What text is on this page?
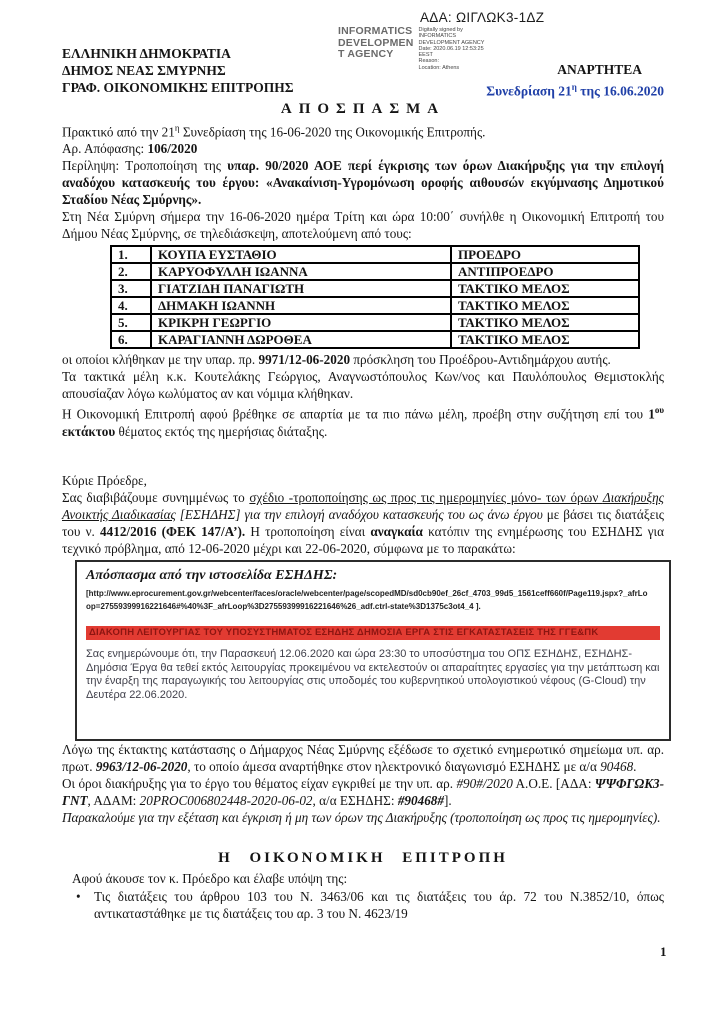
ΑΔΑ: ΩΙΓΛΩΚ3-1ΔΖ
INFORMATICS
DEVELOPMEN
T AGENCY
Digitally signed by
INFORMATICS
DEVELOPMENT AGENCY
Date: 2020.06.19 12:53:25
EEST
Reason:
Location: Athens
ΕΛΛΗΝΙΚΗ ΔΗΜΟΚΡΑΤΙΑ
ΔΗΜΟΣ ΝΕΑΣ ΣΜΥΡΝΗΣ
ΓΡΑΦ. ΟΙΚΟΝΟΜΙΚΗΣ ΕΠΙΤΡΟΠΗΣ
ΑΝΑΡΤΗΤΕΑ
Συνεδρίαση $21^\eta$ της 16.06.2020
ΑΠΟΣΠΑΣΜΑ

Πρακτικό από την $21^\eta$ Συνεδρίαση της 16-06-2020 της Οικονομικής Επιτροπής.

Αρ. Απόφασης: 106/2020

Περίληψη: Τροποποίηση της υπαρ. 90/2020 ΑΟΕ περί έγκρισης των όρων Διακήρυξης για την επιλογή αναδόχου κατασκευής του έργου: «Ανακαίνιση-Υγρομόνωση οροφής αιθουσών εκγύμνασης Δημοτικού Σταδίου Νέας Σμύρνης».

Στη Νέα Σμύρνη σήμερα την 16-06-2020 ημέρα Τρίτη και ώρα 10:00΄ συνήλθε η Οικονομική Επιτροπή του Δήμου Νέας Σμύρνης, σε τηλεδιάσκεψη, αποτελούμενη από τους:

1.	ΚΟΥΠΑ ΕΥΣΤΑΘΙΟ	ΠΡΟΕΔΡΟ
2.	ΚΑΡΥΟΦΥΛΛΗ ΙΩΑΝΝΑ	ΑΝΤΙΠΡΟΕΔΡΟ
3.	ΓΙΑΤΖΙΔΗ ΠΑΝΑΓΙΩΤΗ	ΤΑΚΤΙΚΟ ΜΕΛΟΣ
4.	ΔΗΜΑΚΗ ΙΩΑΝΝΗ	ΤΑΚΤΙΚΟ ΜΕΛΟΣ
5.	ΚΡΙΚΡΗ ΓΕΩΡΓΙΟ	ΤΑΚΤΙΚΟ ΜΕΛΟΣ
6.	ΚΑΡΑΓΙΑΝΝΗ ΔΩΡΟΘΕΑ	ΤΑΚΤΙΚΟ ΜΕΛΟΣ

οι οποίοι κλήθηκαν με την υπαρ. πρ. 9971/12-06-2020 πρόσκληση του Προέδρου-Αντιδημάρχου αυτής.

Τα τακτικά μέλη κ.κ. Κουτελάκης Γεώργιος, Αναγνωστόπουλος Κων/νος και Παυλόπουλος Θεμιστοκλής απουσίαζαν λόγω κωλύματος αν και νόμιμα κλήθηκαν.

Η Οικονομική Επιτροπή αφού βρέθηκε σε απαρτία με τα πιο πάνω μέλη, προέβη στην συζήτηση επί του $1^{o\upsilon}$ εκτάκτου θέματος εκτός της ημερήσιας διάταξης.

Κύριε Πρόεδρε,

Σας διαβιβάζουμε συνημμένως το σχέδιο -τροποποίησης ως προς τις ημερομηνίες μόνο- των όρων Διακήρυξης Ανοικτής Διαδικασίας [ΕΣΗΔΗΣ] για την επιλογή αναδόχου κατασκευής του ως άνω έργου με βάσει τις διατάξεις του ν. 4412/2016 (ΦΕΚ 147/Α’). Η τροποποίηση είναι αναγκαία κατόπιν της ενημέρωσης του ΕΣΗΔΗΣ για τεχνικό πρόβλημα, από 12-06-2020 μέχρι και 22-06-2020, σύμφωνα με το παρακάτω:

Απόσπασμα από την ιστοσελίδα ΕΣΗΔΗΣ:
[http://www.eprocurement.gov.gr/webcenter/faces/oracle/webcenter/page/scopedMD/sd0cb90ef_26cf_4703_99d5_1561ceff660f/Page119.jspx?_afrLo
op=27559399916221646#%40%3F_afrLoop%3D27559399916221646%26_adf.ctrl-state%3D1375c3ot4_4 ].
ΔΙΑΚΟΠΗ ΛΕΙΤΟΥΡΓΙΑΣ ΤΟΥ ΥΠΟΣΥΣΤΗΜΑΤΟΣ ΕΣΗΔΗΣ ΔΗΜΟΣΙΑ ΕΡΓΑ ΣΤΙΣ ΕΓΚΑΤΑΣΤΑΣΕΙΣ ΤΗΣ ΓΓΕ&ΠΚ
Σας ενημερώνουμε ότι, την Παρασκευή 12.06.2020 και ώρα 23:30 το υποσύστημα του ΟΠΣ ΕΣΗΔΗΣ, ΕΣΗΔΗΣ-Δημόσια Έργα θα τεθεί εκτός λειτουργίας προκειμένου να εκτελεστούν οι απαραίτητες εργασίες για την μετάπτωση και την έναρξη της παραγωγικής του λειτουργίας στις υποδομές του κυβερνητικού υπολογιστικού νέφους (G-Cloud) την Δευτέρα 22.06.2020.

Λόγω της έκτακτης κατάστασης ο Δήμαρχος Νέας Σμύρνης εξέδωσε το σχετικό ενημερωτικό σημείωμα υπ. αρ. πρωτ. 9963/12-06-2020, το οποίο άμεσα αναρτήθηκε στον ηλεκτρονικό διαγωνισμό ΕΣΗΔΗΣ με α/α 90468.

Οι όροι διακήρυξης για το έργο του θέματος είχαν εγκριθεί με την υπ. αρ. #90#/2020 Α.Ο.Ε. [ΑΔΑ: ΨΨΦΓΩΚ3-ΓΝΤ, ΑΔΑΜ: 20PROC006802448-2020-06-02, α/α ΕΣΗΔΗΣ: #90468#].

Παρακαλούμε για την εξέταση και έγκριση ή μη των όρων της Διακήρυξης (τροποποίηση ως προς τις ημερομηνίες).

Η ΟΙΚΟΝΟΜΙΚΗ ΕΠΙΤΡΟΠΗ

Αφού άκουσε τον κ. Πρόεδρο και έλαβε υπόψη της:

•	Τις διατάξεις του άρθρου 103 του Ν. 3463/06 και τις διατάξεις του άρ. 72 του Ν.3852/10, όπως αντικαταστάθηκε με τις διατάξεις του αρ. 3 του Ν. 4623/19
1
